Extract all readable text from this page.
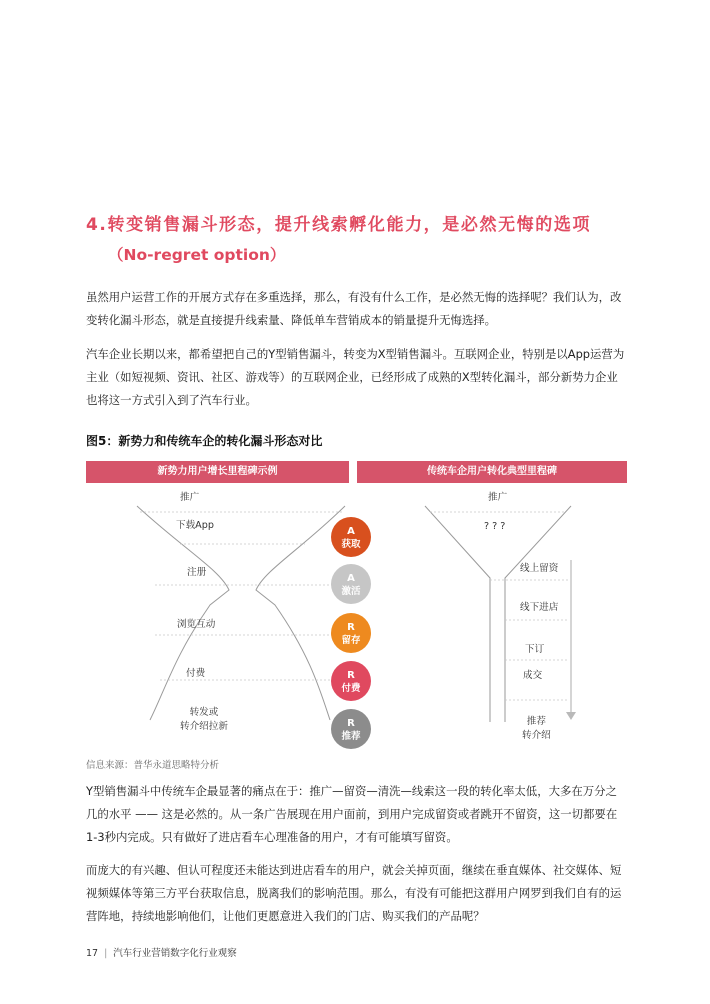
4.转变销售漏斗形态，提升线索孵化能力，是必然无悔的选项
（No-regret option）
虽然用户运营工作的开展方式存在多重选择，那么，有没有什么工作，是必然无悔的选择呢？我们认为，改变转化漏斗形态，就是直接提升线索量、降低单车营销成本的销量提升无悔选择。
汽车企业长期以来，都希望把自己的Y型销售漏斗，转变为X型销售漏斗。互联网企业，特别是以App运营为主业（如短视频、资讯、社区、游戏等）的互联网企业，已经形成了成熟的X型转化漏斗，部分新势力企业也将这一方式引入到了汽车行业。
图5：新势力和传统车企的转化漏斗形态对比
新势力用户增长里程碑示例	传统车企用户转化典型里程碑
A
获取
A
激活
R
留存
R
付费
R
推荐
推广
下载App
注册
浏览互动
付费
转发或
转介绍拉新
推广
? ? ?
线上留资
线下进店
下订
成交
推荐
转介绍
信息来源：普华永道思略特分析
Y型销售漏斗中传统车企最显著的痛点在于：推广—留资—清洗—线索这一段的转化率太低，大多在万分之几的水平 —— 这是必然的。从一条广告展现在用户面前，到用户完成留资或者跳开不留资，这一切都要在1-3秒内完成。只有做好了进店看车心理准备的用户，才有可能填写留资。
而庞大的有兴趣、但认可程度还未能达到进店看车的用户，就会关掉页面，继续在垂直媒体、社交媒体、短视频媒体等第三方平台获取信息，脱离我们的影响范围。那么，有没有可能把这群用户网罗到我们自有的运营阵地，持续地影响他们，让他们更愿意进入我们的门店、购买我们的产品呢？
17 | 汽车行业营销数字化行业观察
